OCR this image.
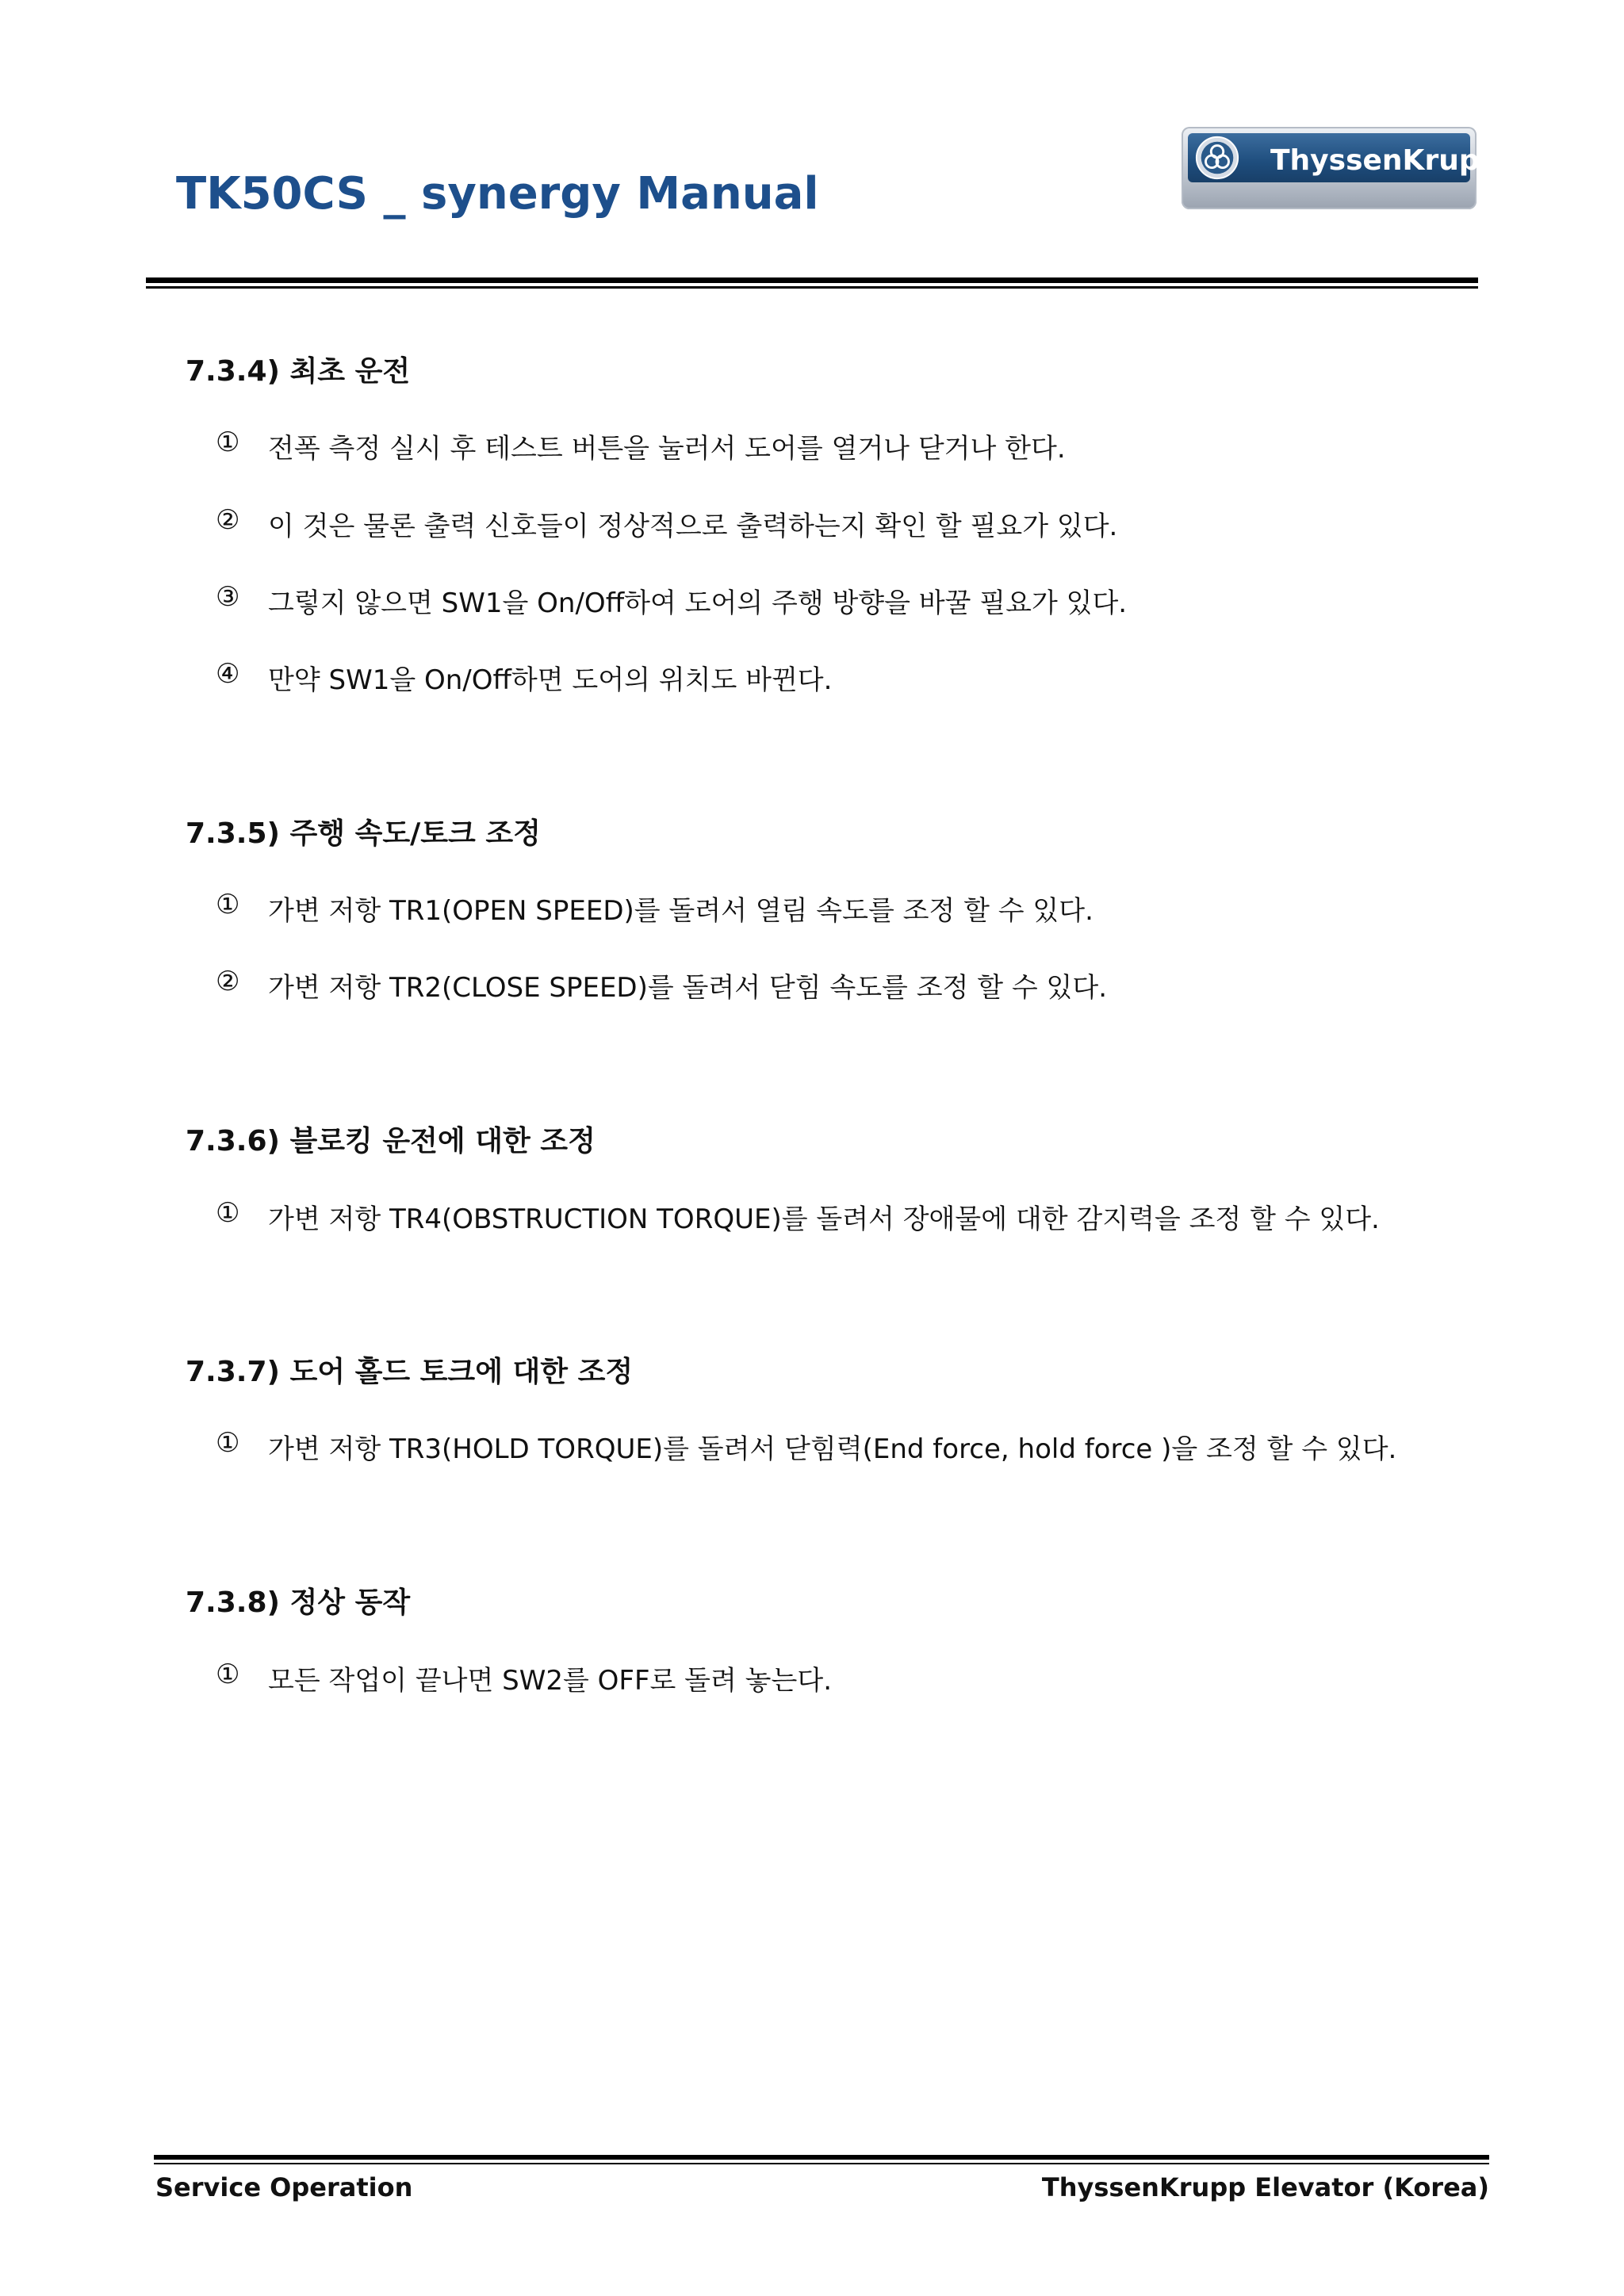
TK50CS _ synergy Manual
ThyssenKrupp
7.3.4) 최초 운전
① 전폭 측정 실시 후 테스트 버튼을 눌러서 도어를 열거나 닫거나 한다.
② 이 것은 물론 출력 신호들이 정상적으로 출력하는지 확인 할 필요가 있다.
③ 그렇지 않으면 SW1을 On/Off하여 도어의 주행 방향을 바꿀 필요가 있다.
④ 만약 SW1을 On/Off하면 도어의 위치도 바뀐다.
7.3.5) 주행 속도/토크 조정
① 가변 저항 TR1(OPEN SPEED)를 돌려서 열림 속도를 조정 할 수 있다.
② 가변 저항 TR2(CLOSE SPEED)를 돌려서 닫힘 속도를 조정 할 수 있다.
7.3.6) 블로킹 운전에 대한 조정
① 가변 저항 TR4(OBSTRUCTION TORQUE)를 돌려서 장애물에 대한 감지력을 조정 할 수 있다.
7.3.7) 도어 홀드 토크에 대한 조정
① 가변 저항 TR3(HOLD TORQUE)를 돌려서 닫힘력(End force, hold force )을 조정 할 수 있다.
7.3.8) 정상 동작
① 모든 작업이 끝나면 SW2를 OFF로 돌려 놓는다.
Service Operation	ThyssenKrupp Elevator (Korea)
